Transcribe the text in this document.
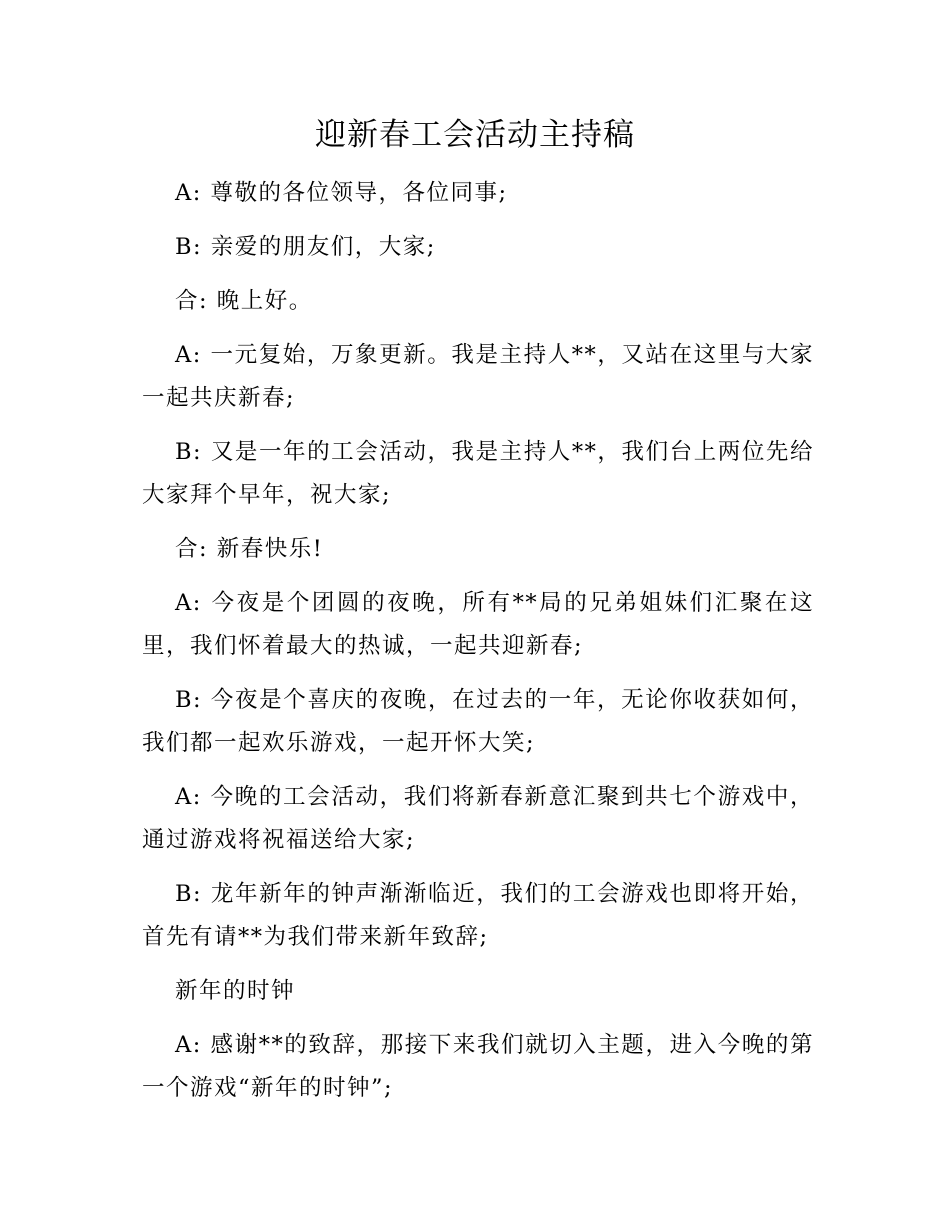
迎新春工会活动主持稿

A: 尊敬的各位领导，各位同事;

B: 亲爱的朋友们，大家;

合: 晚上好。

A: 一元复始，万象更新。我是主持人**，又站在这里与大家一起共庆新春;

B: 又是一年的工会活动，我是主持人**，我们台上两位先给大家拜个早年，祝大家;

合: 新春快乐!

A: 今夜是个团圆的夜晚，所有**局的兄弟姐妹们汇聚在这里，我们怀着最大的热诚，一起共迎新春;

B: 今夜是个喜庆的夜晚，在过去的一年，无论你收获如何，我们都一起欢乐游戏，一起开怀大笑;

A: 今晚的工会活动，我们将新春新意汇聚到共七个游戏中，通过游戏将祝福送给大家;

B: 龙年新年的钟声渐渐临近，我们的工会游戏也即将开始，首先有请**为我们带来新年致辞;

新年的时钟

A: 感谢**的致辞，那接下来我们就切入主题，进入今晚的第一个游戏“新年的时钟”;
